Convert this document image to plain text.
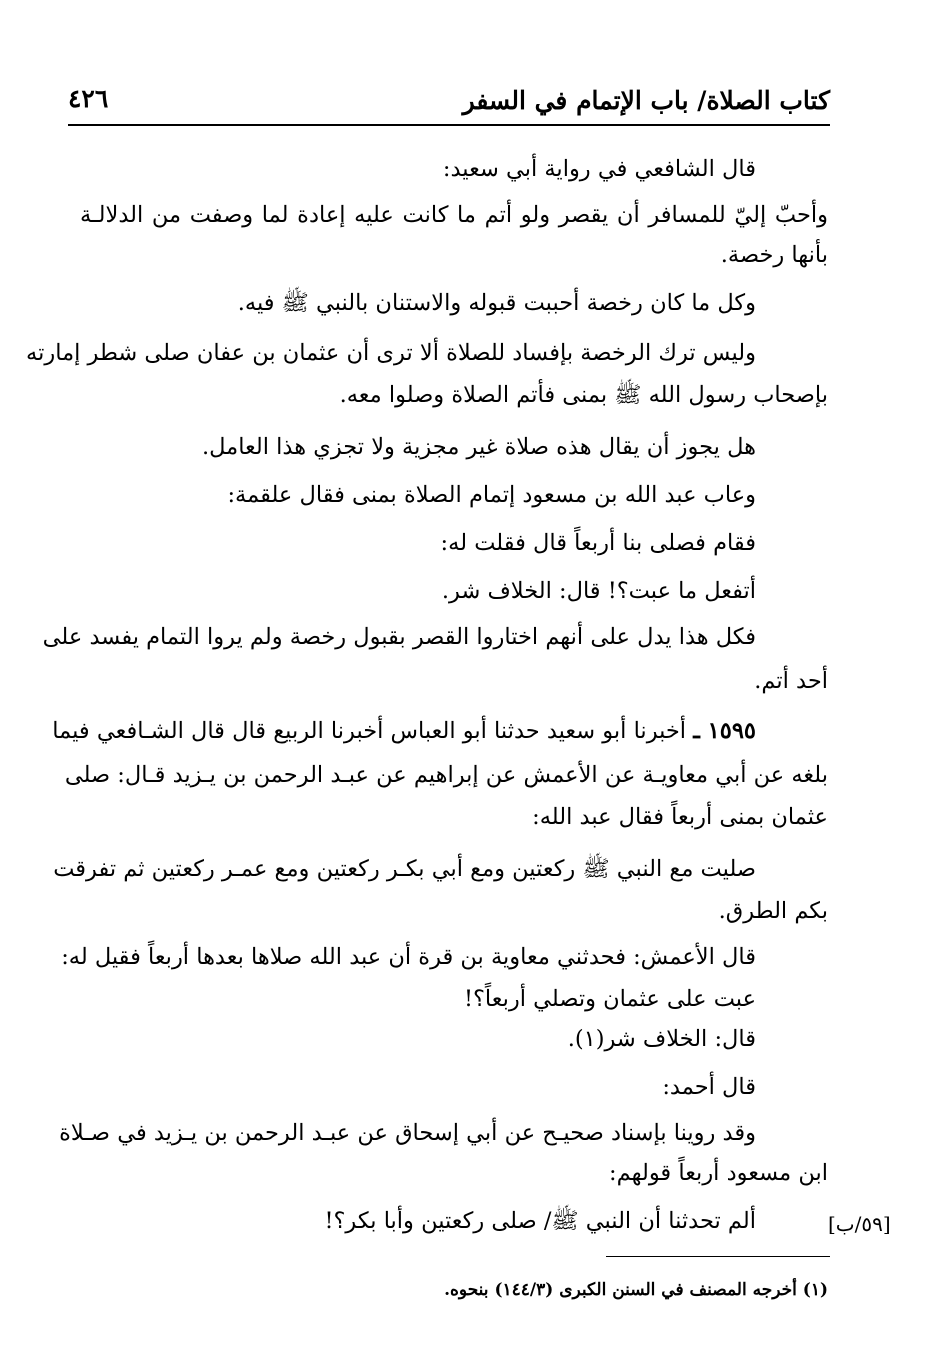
كتاب الصلاة/ باب الإتمام في السفر
٤٢٦
قال الشافعي في رواية أبي سعيد:
وأحبّ إليّ للمسافر أن يقصر ولو أتم ما كانت عليه إعادة لما وصفت من الدلالـة
بأنها رخصة.
وكل ما كان رخصة أحببت قبوله والاستنان بالنبي ﷺ فيه.
وليس ترك الرخصة بإفساد للصلاة ألا ترى أن عثمان بن عفان صلى شطر إمارته
بإصحاب رسول الله ﷺ بمنى فأتم الصلاة وصلوا معه.
هل يجوز أن يقال هذه صلاة غير مجزية ولا تجزي هذا العامل.
وعاب عبد الله بن مسعود إتمام الصلاة بمنى فقال علقمة:
فقام فصلى بنا أربعاً قال فقلت له:
أتفعل ما عبت؟! قال: الخلاف شر.
فكل هذا يدل على أنهم اختاروا القصر بقبول رخصة ولم يروا التمام يفسد على
أحد أتم.
١٥٩٥ ـ أخبرنا أبو سعيد حدثنا أبو العباس أخبرنا الربيع قال قال الشـافعي فيما
بلغه عن أبي معاويـة عن الأعمش عن إبراهيم عن عبـد الرحمن بن يـزيد قـال: صلى
عثمان بمنى أربعاً فقال عبد الله:
صليت مع النبي ﷺ ركعتين ومع أبي بكـر ركعتين ومع عمـر ركعتين ثم تفرقت
بكم الطرق.
قال الأعمش: فحدثني معاوية بن قرة أن عبد الله صلاها بعدها أربعاً فقيل له:
عبت على عثمان وتصلي أربعاً؟!
قال: الخلاف شر(١).
قال أحمد:
وقد روينا بإسناد صحيـح عن أبي إسحاق عن عبـد الرحمن بن يـزيد في صـلاة
ابن مسعود أربعاً قولهم:
ألم تحدثنا أن النبي ﷺ/ صلى ركعتين وأبا بكر؟!	[٥٩/ب]
(١) أخرجه المصنف في السنن الكبرى (١٤٤/٣) بنحوه.
